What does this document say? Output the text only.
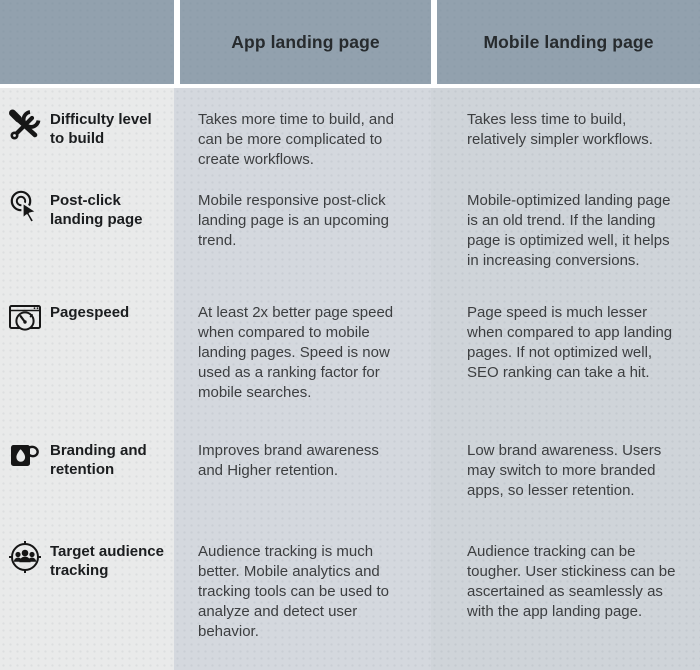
App landing page	Mobile landing page
Difficulty level to build
Takes more time to build, and can be more complicated to create workflows.
Takes less time to build, relatively simpler workflows.
Post-click landing page
Mobile responsive post-click landing page is an upcoming trend.
Mobile-optimized landing page is an old trend. If the landing page is optimized well, it helps in increasing conversions.
Pagespeed	At least 2x better page speed when compared to mobile landing pages. Speed is now used as a ranking factor for mobile searches.
Page speed is much lesser when compared to app landing pages. If not optimized well, SEO ranking can take a hit.
Branding and retention
Improves brand awareness and Higher retention.
Low brand awareness. Users may switch to more branded apps, so lesser retention.
Target audience tracking
Audience tracking is much better. Mobile analytics and tracking tools can be used to analyze and detect user behavior.
Audience tracking can be tougher. User stickiness can be ascertained as seamlessly as with the app landing page.
